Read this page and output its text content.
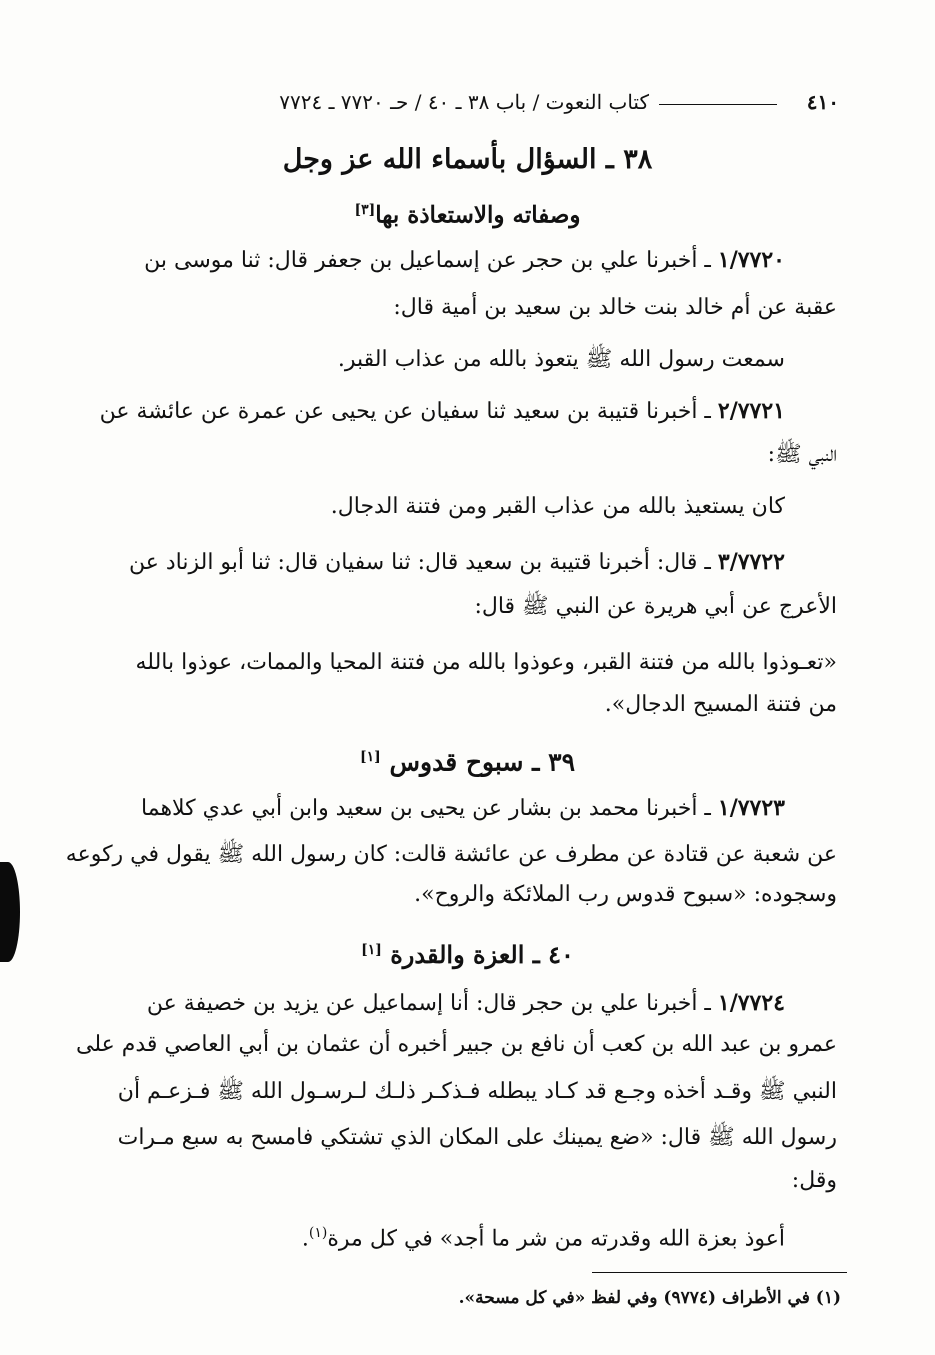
٤١٠
كتاب النعوت / باب ٣٨ ـ ٤٠ / حـ ٧٧٢٠ ـ ٧٧٢٤
٣٨ ـ السؤال بأسماء الله عز وجل
وصفاته والاستعاذة بها[٣]
١/٧٧٢٠ ـ أخبرنا علي بن حجر عن إسماعيل بن جعفر قال: ثنا موسى بن
عقبة عن أم خالد بنت خالد بن سعيد بن أمية قال:
سمعت رسول الله ﷺ يتعوذ بالله من عذاب القبر.
٢/٧٧٢١ ـ أخبرنا قتيبة بن سعيد ثنا سفيان عن يحيى عن عمرة عن عائشة عن
النبي ﷺ:
كان يستعيذ بالله من عذاب القبر ومن فتنة الدجال.
٣/٧٧٢٢ ـ قال: أخبرنا قتيبة بن سعيد قال: ثنا سفيان قال: ثنا أبو الزناد عن
الأعرج عن أبي هريرة عن النبي ﷺ قال:
«تعـوذوا بالله من فتنة القبر، وعوذوا بالله من فتنة المحيا والممات، عوذوا بالله
من فتنة المسيح الدجال».
٣٩ ـ سبوح قدوس [١]
١/٧٧٢٣ ـ أخبرنا محمد بن بشار عن يحيى بن سعيد وابن أبي عدي كلاهما
عن شعبة عن قتادة عن مطرف عن عائشة قالت: كان رسول الله ﷺ يقول في ركوعه
وسجوده: «سبوح قدوس رب الملائكة والروح».
٤٠ ـ العزة والقدرة [١]
١/٧٧٢٤ ـ أخبرنا علي بن حجر قال: أنا إسماعيل عن يزيد بن خصيفة عن
عمرو بن عبد الله بن كعب أن نافع بن جبير أخبره أن عثمان بن أبي العاصي قدم على
النبي ﷺ وقـد أخذه وجـع قد كـاد يبطله فـذكـر ذلـك لـرسـول الله ﷺ فـزعـم أن
رسول الله ﷺ قال: «ضع يمينك على المكان الذي تشتكي فامسح به سبع مـرات
وقل:
أعوذ بعزة الله وقدرته من شر ما أجد» في كل مرة$^{(١)}$.
(١) في الأطراف (٩٧٧٤) وفي لفظ «في كل مسحة».
